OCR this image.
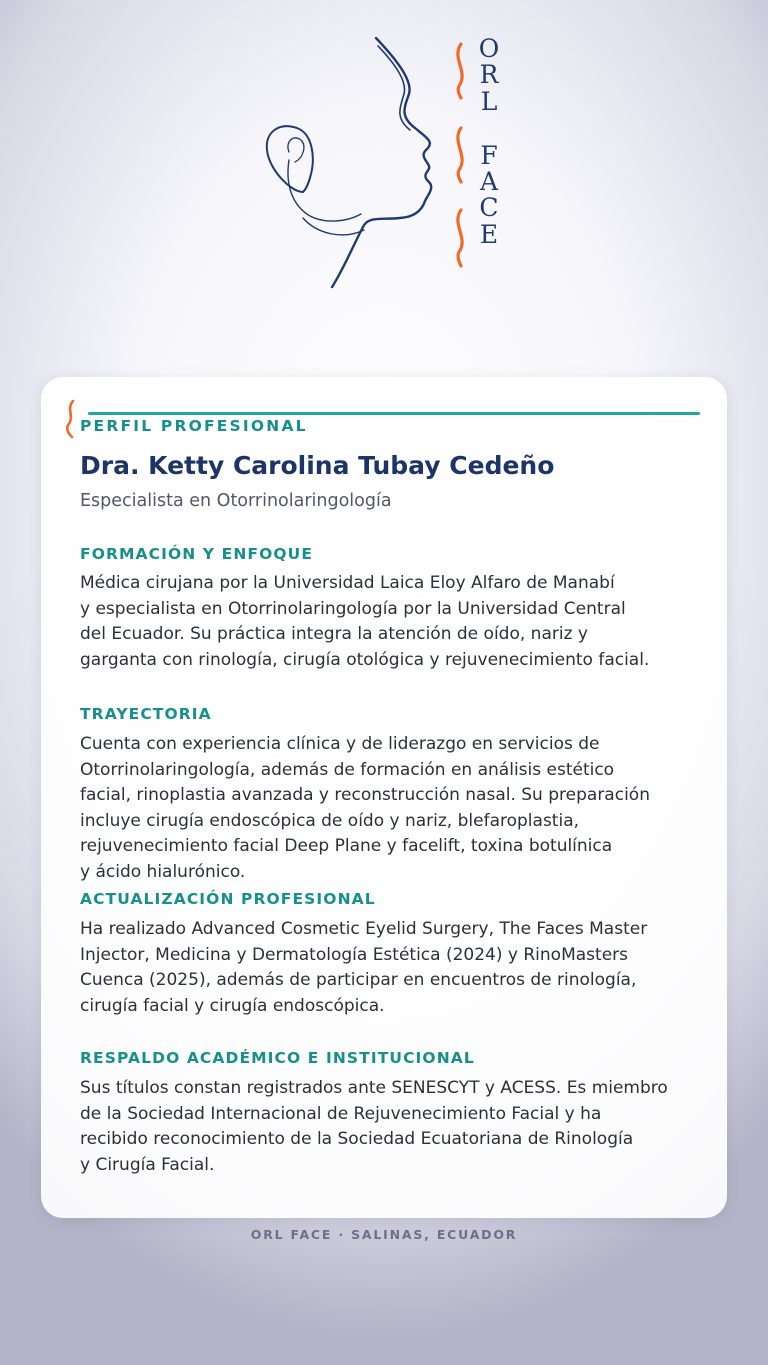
O
R
L
F
A
C
E

PERFIL PROFESIONAL

Dra. Ketty Carolina Tubay Cedeño

Especialista en Otorrinolaringología

FORMACIÓN Y ENFOQUE
Médica cirujana por la Universidad Laica Eloy Alfaro de Manabí
y especialista en Otorrinolaringología por la Universidad Central
del Ecuador. Su práctica integra la atención de oído, nariz y
garganta con rinología, cirugía otológica y rejuvenecimiento facial.
TRAYECTORIA
Cuenta con experiencia clínica y de liderazgo en servicios de
Otorrinolaringología, además de formación en análisis estético
facial, rinoplastia avanzada y reconstrucción nasal. Su preparación
incluye cirugía endoscópica de oído y nariz, blefaroplastia,
rejuvenecimiento facial Deep Plane y facelift, toxina botulínica
y ácido hialurónico.
ACTUALIZACIÓN PROFESIONAL
Ha realizado Advanced Cosmetic Eyelid Surgery, The Faces Master
Injector, Medicina y Dermatología Estética (2024) y RinoMasters
Cuenca (2025), además de participar en encuentros de rinología,
cirugía facial y cirugía endoscópica.
RESPALDO ACADÉMICO E INSTITUCIONAL
Sus títulos constan registrados ante SENESCYT y ACESS. Es miembro
de la Sociedad Internacional de Rejuvenecimiento Facial y ha
recibido reconocimiento de la Sociedad Ecuatoriana de Rinología
y Cirugía Facial.
ORL FACE · SALINAS, ECUADOR
